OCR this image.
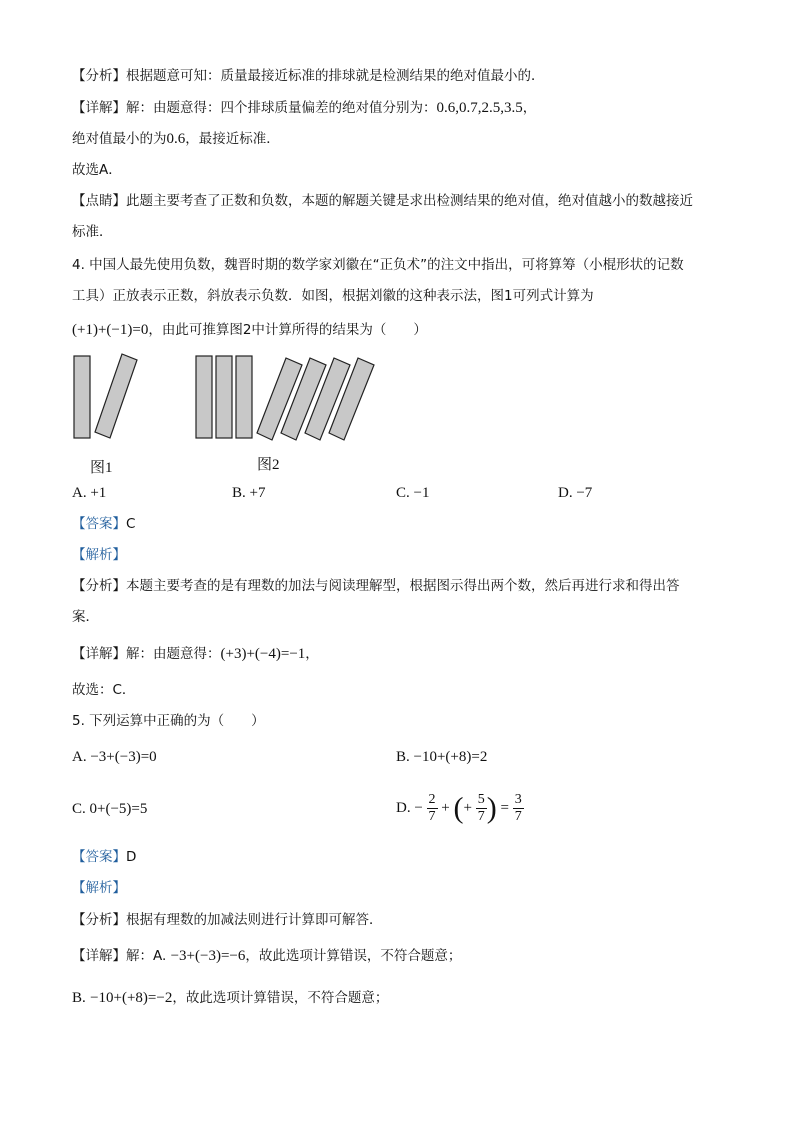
【分析】根据题意可知：质量最接近标准的排球就是检测结果的绝对值最小的．
【详解】解：由题意得：四个排球质量偏差的绝对值分别为：0.6,0.7,2.5,3.5，
绝对值最小的为0.6，最接近标准．
故选A．
【点睛】此题主要考查了正数和负数，本题的解题关键是求出检测结果的绝对值，绝对值越小的数越接近
标准．
4. 中国人最先使用负数，魏晋时期的数学家刘徽在“正负术”的注文中指出，可将算筹（小棍形状的记数
工具）正放表示正数，斜放表示负数．如图，根据刘徽的这种表示法，图1可列式计算为
(+1)+(−1)=0，由此可推算图2中计算所得的结果为（　　）
图1	图2
A. +1	B. +7	C. −1	D. −7
【答案】C
【解析】
【分析】本题主要考查的是有理数的加法与阅读理解型，根据图示得出两个数，然后再进行求和得出答
案．
【详解】解：由题意得：(+3)+(−4)=−1，
故选：C．
5. 下列运算中正确的为（　　）
A. −3+(−3)=0	B. −10+(+8)=2
C. 0+(−5)=5	D. − $\frac{2}{7}$ + (+ $\frac{5}{7}$ ) = $\frac{3}{7}$
【答案】D
【解析】
【分析】根据有理数的加减法则进行计算即可解答．
【详解】解：A. −3+(−3)=−6，故此选项计算错误，不符合题意；
B. −10+(+8)=−2，故此选项计算错误，不符合题意；
